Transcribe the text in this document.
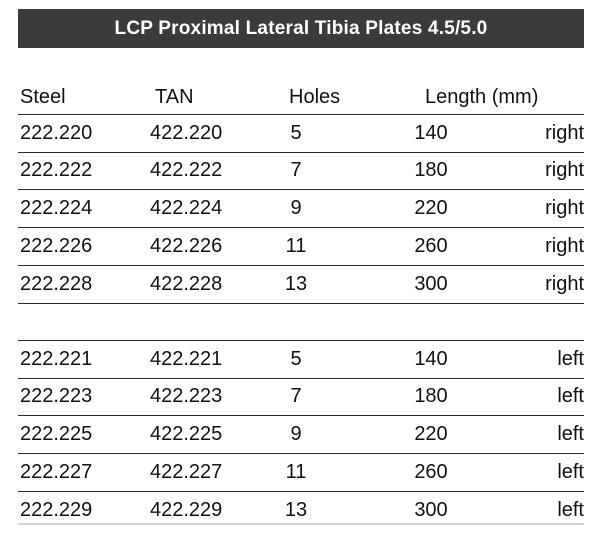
LCP Proximal Lateral Tibia Plates 4.5/5.0
Steel	TAN	Holes	Length (mm)
222.220	422.220	5	140	right
222.222	422.222	7	180	right
222.224	422.224	9	220	right
222.226	422.226	11	260	right
222.228	422.228	13	300	right
222.221	422.221	5	140	left
222.223	422.223	7	180	left
222.225	422.225	9	220	left
222.227	422.227	11	260	left
222.229	422.229	13	300	left
